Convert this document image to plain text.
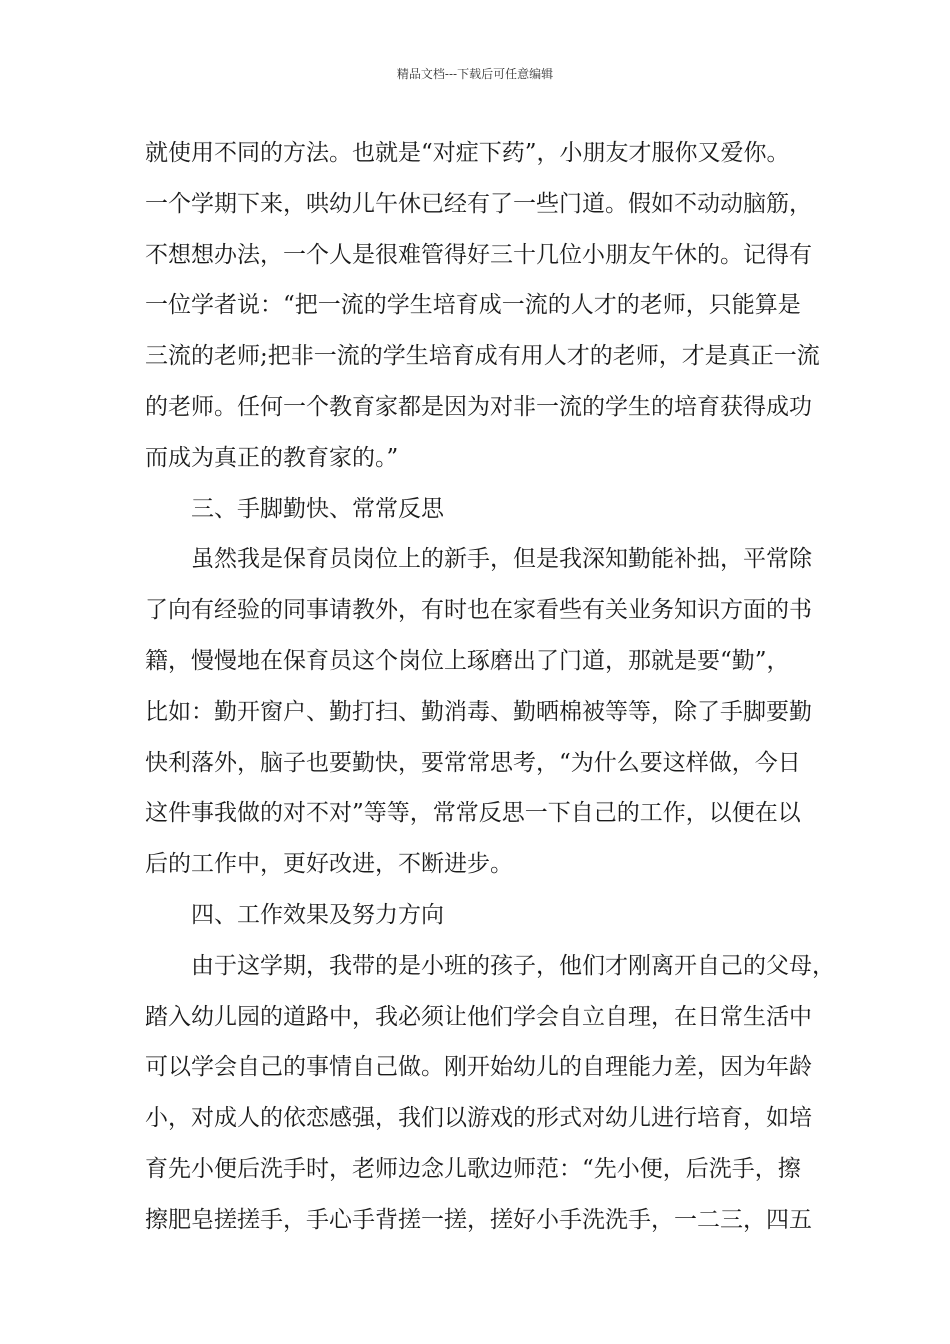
精品文档---下载后可任意编辑
就使用不同的方法。也就是“对症下药”，小朋友才服你又爱你。
一个学期下来，哄幼儿午休已经有了一些门道。假如不动动脑筋，
不想想办法，一个人是很难管得好三十几位小朋友午休的。记得有
一位学者说：“把一流的学生培育成一流的人才的老师，只能算是
三流的老师;把非一流的学生培育成有用人才的老师，才是真正一流
的老师。任何一个教育家都是因为对非一流的学生的培育获得成功
而成为真正的教育家的。”
三、手脚勤快、常常反思
虽然我是保育员岗位上的新手，但是我深知勤能补拙，平常除
了向有经验的同事请教外，有时也在家看些有关业务知识方面的书
籍，慢慢地在保育员这个岗位上琢磨出了门道，那就是要“勤”，
比如：勤开窗户、勤打扫、勤消毒、勤晒棉被等等，除了手脚要勤
快利落外，脑子也要勤快，要常常思考，“为什么要这样做，今日
这件事我做的对不对”等等，常常反思一下自己的工作，以便在以
后的工作中，更好改进，不断进步。
四、工作效果及努力方向
由于这学期，我带的是小班的孩子，他们才刚离开自己的父母，
踏入幼儿园的道路中，我必须让他们学会自立自理，在日常生活中
可以学会自己的事情自己做。刚开始幼儿的自理能力差，因为年龄
小，对成人的依恋感强，我们以游戏的形式对幼儿进行培育，如培
育先小便后洗手时，老师边念儿歌边师范：“先小便，后洗手，擦
擦肥皂搓搓手，手心手背搓一搓，搓好小手洗洗手，一二三，四五
